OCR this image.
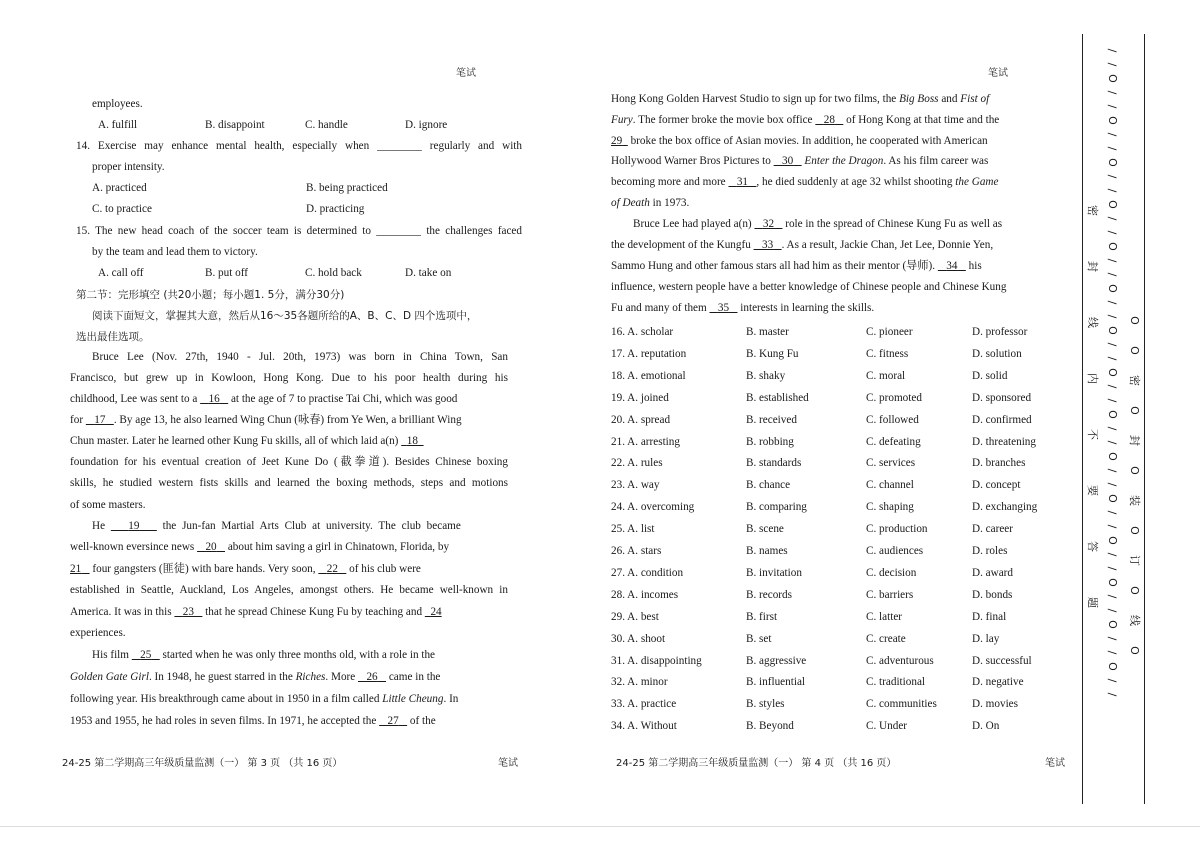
笔试
employees.
A. fulfill	B. disappoint	C. handle	D. ignore
14. Exercise may enhance mental health, especially when ________ regularly and with
proper intensity.
A. practiced	B. being practiced
C. to practice	D. practicing
15. The new head coach of the soccer team is determined to ________ the challenges faced
by the team and lead them to victory.
A. call off	B. put off	C. hold back	D. take on
第二节：完形填空 (共20小题；每小题1. 5分，满分30分)
阅读下面短文，掌握其大意，然后从16～35各题所给的A、B、C、D 四个选项中，
选出最佳选项。
Bruce Lee (Nov. 27th, 1940 - Jul. 20th, 1973) was born in China Town, San
Francisco, but grew up in Kowloon, Hong Kong. Due to his poor health during his
childhood, Lee was sent to a 16 at the age of 7 to practise Tai Chi, which was good
for 17 . By age 13, he also learned Wing Chun (咏春) from Ye Wen, a brilliant Wing
Chun master. Later he learned other Kung Fu skills, all of which laid a(n) 18
foundation for his eventual creation of Jeet Kune Do (截拳道). Besides Chinese boxing
skills, he studied western fists skills and learned the boxing methods, steps and motions
of some masters.
He 19 the Jun-fan Martial Arts Club at university. The club became
well-known eversince news 20 about him saving a girl in Chinatown, Florida, by
21 four gangsters (匪徒) with bare hands. Very soon, 22 of his club were
established in Seattle, Auckland, Los Angeles, amongst others. He became well-known in
America. It was in this 23 that he spread Chinese Kung Fu by teaching and 24
experiences.
His film 25 started when he was only three months old, with a role in the
Golden Gate Girl. In 1948, he guest starred in the Riches. More 26 came in the
following year. His breakthrough came about in 1950 in a film called Little Cheung. In
1953 and 1955, he had roles in seven films. In 1971, he accepted the 27 of the
24-25 第二学期高三年级质量监测（一） 第 3 页 （共 16 页）	笔试
笔试
Hong Kong Golden Harvest Studio to sign up for two films, the Big Boss and Fist of
Fury. The former broke the movie box office 28 of Hong Kong at that time and the
29 broke the box office of Asian movies. In addition, he cooperated with American
Hollywood Warner Bros Pictures to 30 Enter the Dragon. As his film career was
becoming more and more 31 , he died suddenly at age 32 whilst shooting the Game
of Death in 1973.
Bruce Lee had played a(n) 32 role in the spread of Chinese Kung Fu as well as
the development of the Kungfu 33 . As a result, Jackie Chan, Jet Lee, Donnie Yen,
Sammo Hung and other famous stars all had him as their mentor (导师). 34 his
influence, western people have a better knowledge of Chinese people and Chinese Kung
Fu and many of them 35 interests in learning the skills.
16. A. scholar	B. master	C. pioneer	D. professor
17. A. reputation	B. Kung Fu	C. fitness	D. solution
18. A. emotional	B. shaky	C. moral	D. solid
19. A. joined	B. established	C. promoted	D. sponsored
20. A. spread	B. received	C. followed	D. confirmed
21. A. arresting	B. robbing	C. defeating	D. threatening
22. A. rules	B. standards	C. services	D. branches
23. A. way	B. chance	C. channel	D. concept
24. A. overcoming	B. comparing	C. shaping	D. exchanging
25. A. list	B. scene	C. production	D. career
26. A. stars	B. names	C. audiences	D. roles
27. A. condition	B. invitation	C. decision	D. award
28. A. incomes	B. records	C. barriers	D. bonds
29. A. best	B. first	C. latter	D. final
30. A. shoot	B. set	C. create	D. lay
31. A. disappointing	B. aggressive	C. adventurous	D. successful
32. A. minor	B. influential	C. traditional	D. negative
33. A. practice	B. styles	C. communities	D. movies
34. A. Without	B. Beyond	C. Under	D. On
24-25 第二学期高三年级质量监测（一） 第 4 页 （共 16 页）	笔试
/
/
O
/
/
O
/
/
O
/
/
O
/
/
O
/
/
O
/
/
O
/
/
O
/
/
O
/
/
O
/
/
O
/
/
O
/
/
O
/
/
O
/
/
O
/
/
密
封
线
内
不
要
答
题
O
O
密
O
封
O
装
O
订
O
线
O
